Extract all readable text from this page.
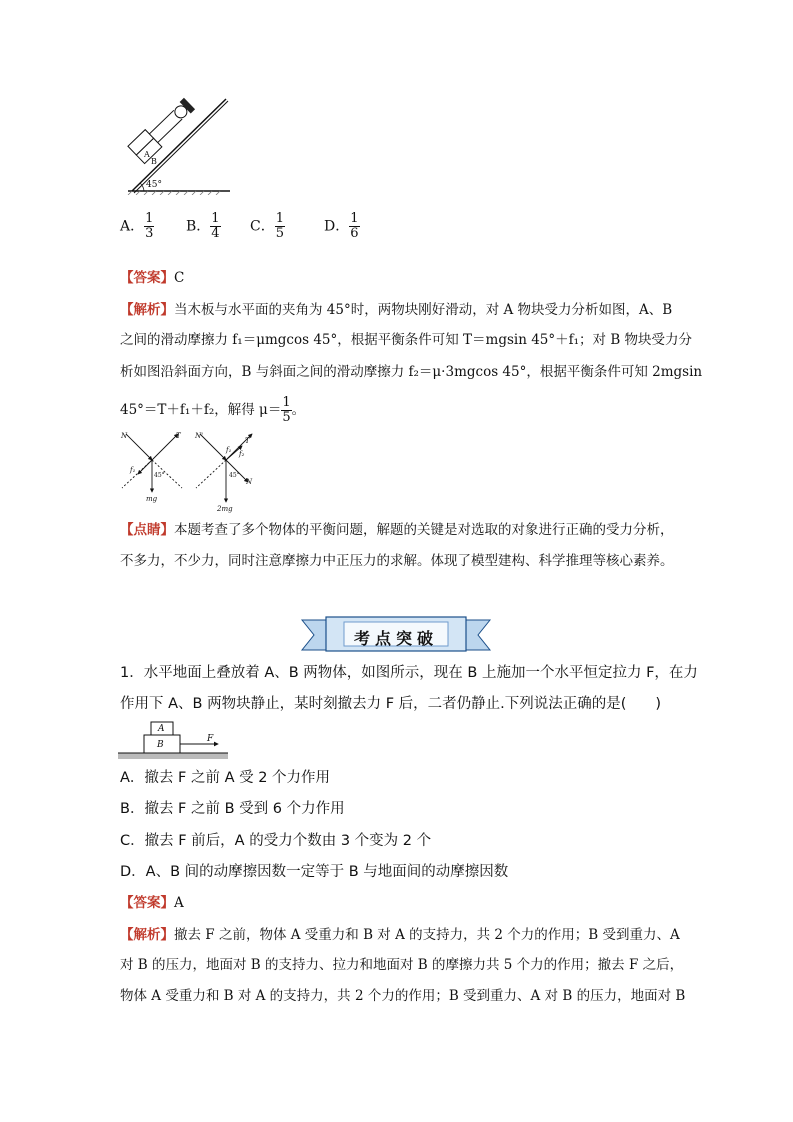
45°
A
B
A． $\frac{1}{3}$ B． $\frac{1}{4}$ C． $\frac{1}{5}$	D． $\frac{1}{6}$
【答案】C
【解析】当木板与水平面的夹角为 45°时，两物块刚好滑动，对 A 物块受力分析如图，A、B
之间的滑动摩擦力 f₁＝μmgcos 45°，根据平衡条件可知 T＝mgsin 45°＋f₁；对 B 物块受力分
析如图沿斜面方向，B 与斜面之间的滑动摩擦力 f₂＝μ·3mgcos 45°，根据平衡条件可知 2mgsin
45°＝T＋f₁＋f₂，解得 $\mu= \frac{1}{5}$ 。
N	T
f₁
45°
mg
N'
T
f₁ f₂
45°
N
2mg
【点睛】本题考查了多个物体的平衡问题，解题的关键是对选取的对象进行正确的受力分析，
不多力，不少力，同时注意摩擦力中正压力的求解。体现了模型建构、科学推理等核心素养。
考点突破
1．水平地面上叠放着 A、B 两物体，如图所示，现在 B 上施加一个水平恒定拉力 F，在力
作用下 A、B 两物块静止，某时刻撤去力 F 后，二者仍静止.下列说法正确的是(　　)
A
B
F
A．撤去 F 之前 A 受 2 个力作用
B．撤去 F 之前 B 受到 6 个力作用
C．撤去 F 前后，A 的受力个数由 3 个变为 2 个
D．A、B 间的动摩擦因数一定等于 B 与地面间的动摩擦因数
【答案】A
【解析】撤去 F 之前，物体 A 受重力和 B 对 A 的支持力，共 2 个力的作用；B 受到重力、A
对 B 的压力，地面对 B 的支持力、拉力和地面对 B 的摩擦力共 5 个力的作用；撤去 F 之后，
物体 A 受重力和 B 对 A 的支持力，共 2 个力的作用；B 受到重力、A 对 B 的压力，地面对 B
